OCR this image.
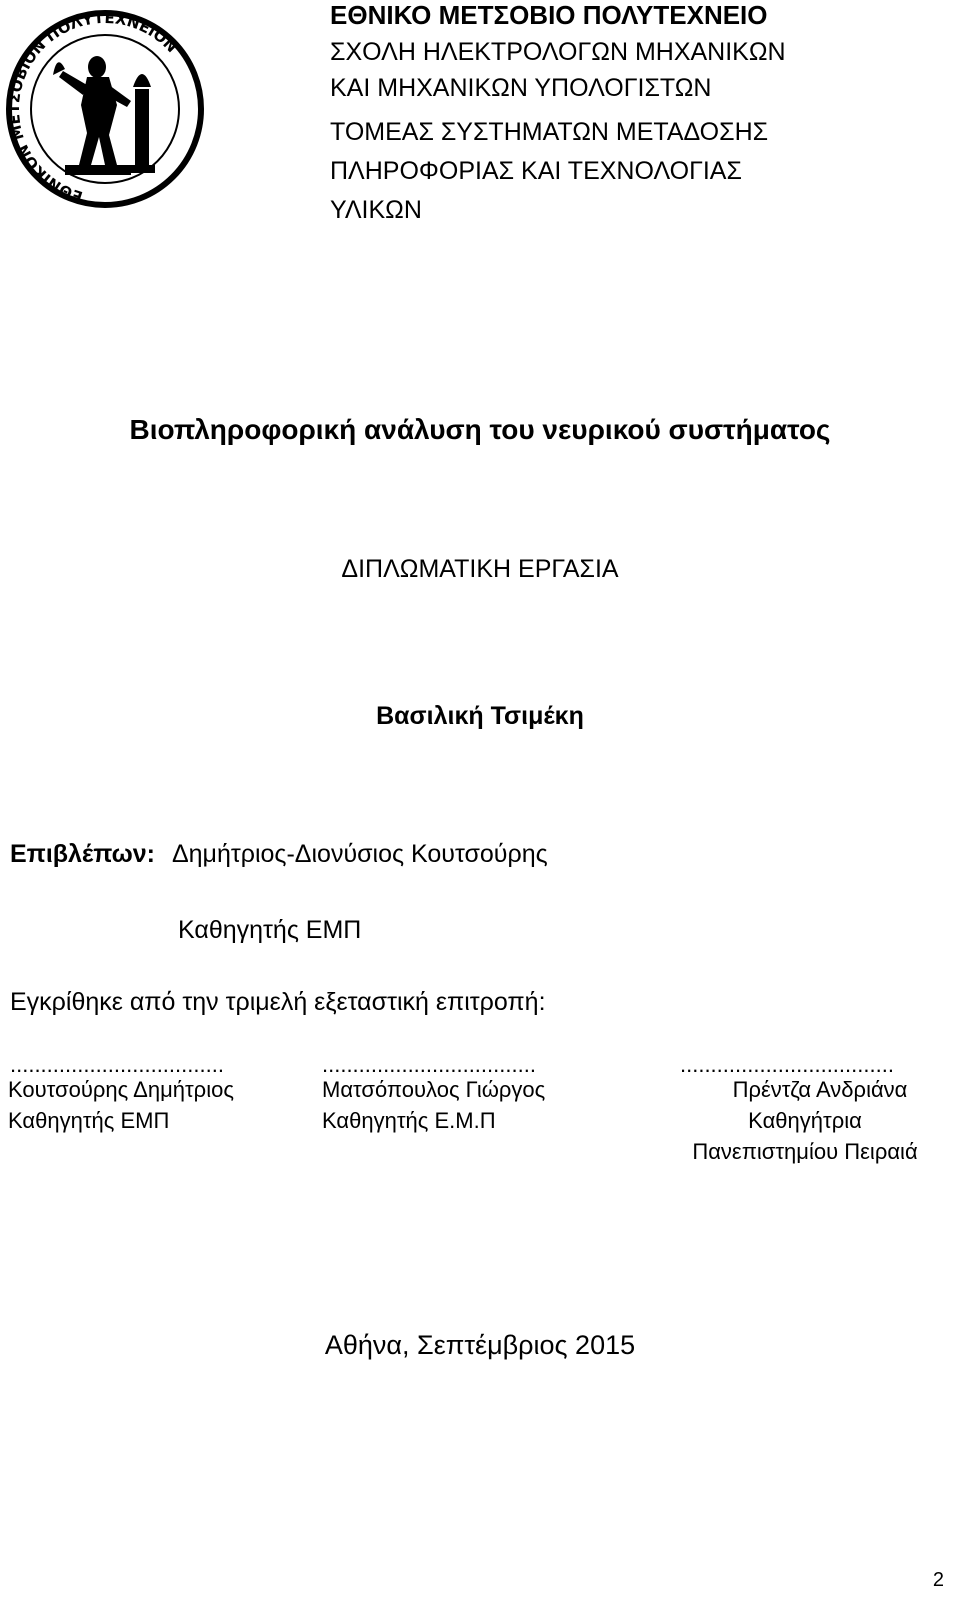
ΕΘΝΙΚΟΝ ΜΕΤΣΟΒΙΟΝ ΠΟΛΥΤΕΧΝΕΙΟΝ
ΕΘΝΙΚΟ ΜΕΤΣΟΒΙΟ ΠΟΛΥΤΕΧΝΕΙΟ
ΣΧΟΛΗ ΗΛΕΚΤΡΟΛΟΓΩΝ ΜΗΧΑΝΙΚΩΝ
ΚΑΙ ΜΗΧΑΝΙΚΩΝ ΥΠΟΛΟΓΙΣΤΩΝ
ΤΟΜΕΑΣ ΣΥΣΤΗΜΑΤΩΝ ΜΕΤΑΔΟΣΗΣ
ΠΛΗΡΟΦΟΡΙΑΣ ΚΑΙ ΤΕΧΝΟΛΟΓΙΑΣ
ΥΛΙΚΩΝ
Βιοπληροφορική ανάλυση του νευρικού συστήματος
ΔΙΠΛΩΜΑΤΙΚΗ ΕΡΓΑΣΙΑ
Βασιλική Τσιμέκη
Επιβλέπων: Δημήτριος-Διονύσιος Κουτσούρης
Καθηγητής ΕΜΠ
Εγκρίθηκε από την τριμελή εξεταστική επιτροπή:
...................................	...................................	...................................
Κουτσούρης Δημήτριος
Καθηγητής ΕΜΠ
Ματσόπουλος Γιώργος
Καθηγητής Ε.Μ.Π
Πρέντζα Ανδριάνα
Καθηγήτρια
Πανεπιστημίου Πειραιά
Αθήνα, Σεπτέμβριος 2015
2
